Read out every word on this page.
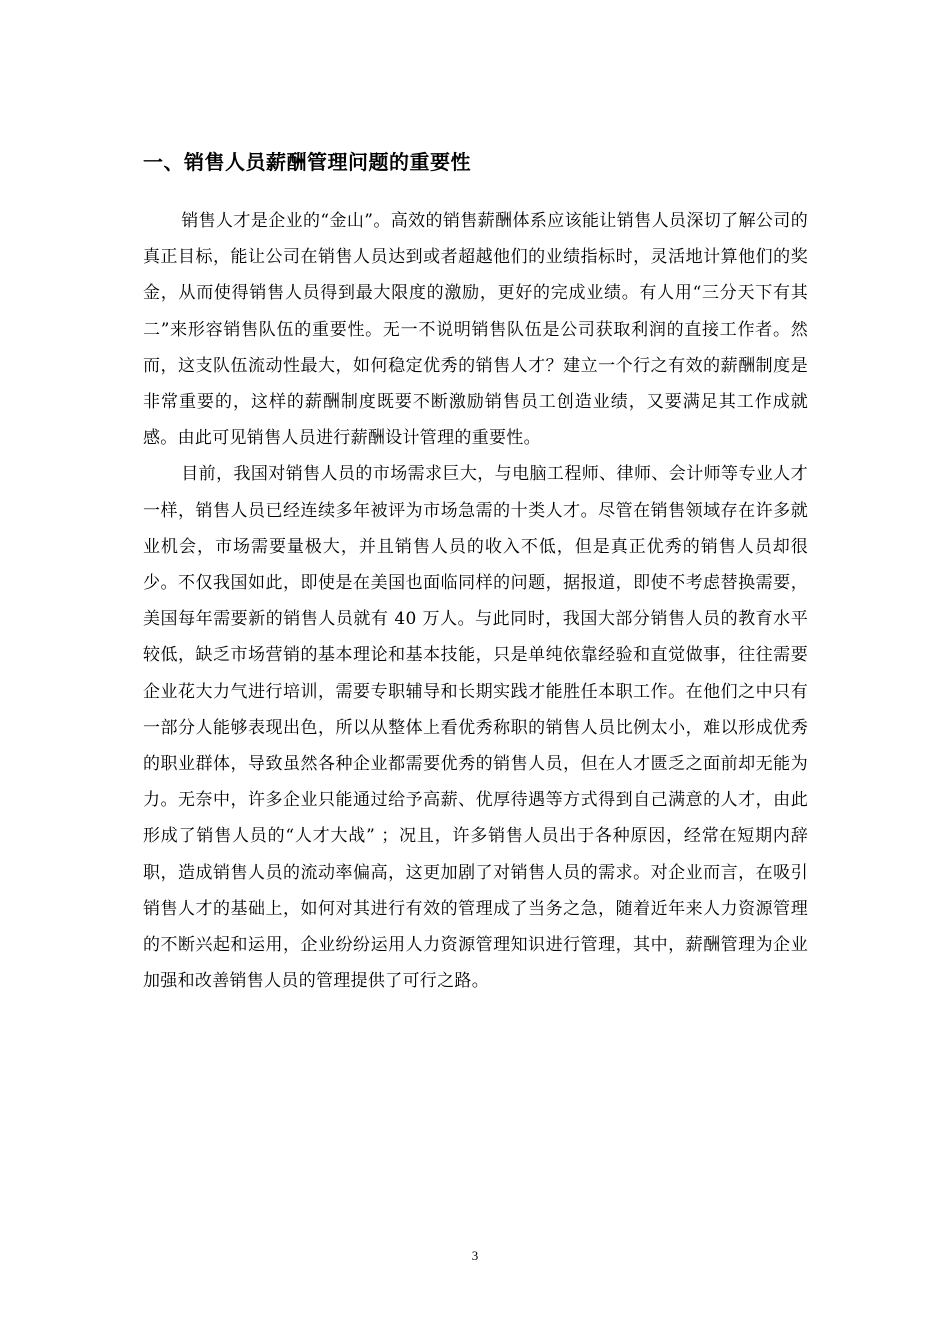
一、销售人员薪酬管理问题的重要性

销售人才是企业的“金山”。高效的销售薪酬体系应该能让销售人员深切了解公司的真正目标，能让公司在销售人员达到或者超越他们的业绩指标时，灵活地计算他们的奖金，从而使得销售人员得到最大限度的激励，更好的完成业绩。有人用“三分天下有其二”来形容销售队伍的重要性。无一不说明销售队伍是公司获取利润的直接工作者。然而，这支队伍流动性最大，如何稳定优秀的销售人才？建立一个行之有效的薪酬制度是非常重要的，这样的薪酬制度既要不断激励销售员工创造业绩，又要满足其工作成就感。由此可见销售人员进行薪酬设计管理的重要性。

目前，我国对销售人员的市场需求巨大，与电脑工程师、律师、会计师等专业人才一样，销售人员已经连续多年被评为市场急需的十类人才。尽管在销售领域存在许多就业机会，市场需要量极大，并且销售人员的收入不低，但是真正优秀的销售人员却很少。不仅我国如此，即使是在美国也面临同样的问题，据报道，即使不考虑替换需要，美国每年需要新的销售人员就有 40 万人。与此同时，我国大部分销售人员的教育水平较低，缺乏市场营销的基本理论和基本技能，只是单纯依靠经验和直觉做事，往往需要企业花大力气进行培训，需要专职辅导和长期实践才能胜任本职工作。在他们之中只有一部分人能够表现出色，所以从整体上看优秀称职的销售人员比例太小，难以形成优秀的职业群体，导致虽然各种企业都需要优秀的销售人员，但在人才匮乏之面前却无能为力。无奈中，许多企业只能通过给予高薪、优厚待遇等方式得到自己满意的人才，由此形成了销售人员的“人才大战” ；况且，许多销售人员出于各种原因，经常在短期内辞职，造成销售人员的流动率偏高，这更加剧了对销售人员的需求。对企业而言，在吸引销售人才的基础上，如何对其进行有效的管理成了当务之急，随着近年来人力资源管理的不断兴起和运用，企业纷纷运用人力资源管理知识进行管理，其中，薪酬管理为企业加强和改善销售人员的管理提供了可行之路。

3
